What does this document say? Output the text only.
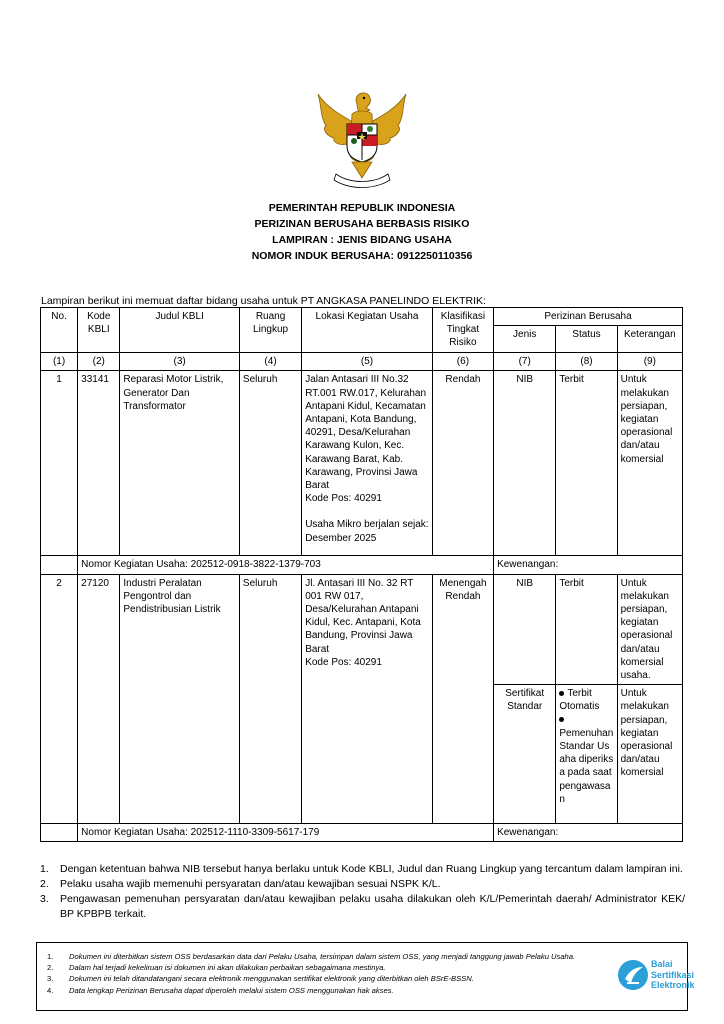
PEMERINTAH REPUBLIK INDONESIA
PERIZINAN BERUSAHA BERBASIS RISIKO
LAMPIRAN : JENIS BIDANG USAHA
NOMOR INDUK BERUSAHA: 0912250110356
Lampiran berikut ini memuat daftar bidang usaha untuk PT ANGKASA PANELINDO ELEKTRIK:
No.	Kode KBLI	Judul KBLI	Ruang Lingkup	Lokasi Kegiatan Usaha	Klasifikasi Tingkat Risiko	Perizinan Berusaha		
						Jenis	Status	Keterangan
(1)	(2)	(3)	(4)	(5)	(6)	(7)	(8)	(9)
1	33141	Reparasi Motor Listrik, Generator Dan Transformator	Seluruh	Jalan Antasari III No.32 RT.001 RW.017, Kelurahan Antapani Kidul, Kecamatan Antapani, Kota Bandung, 40291, Desa/Kelurahan Karawang Kulon, Kec. Karawang Barat, Kab. Karawang, Provinsi Jawa Barat
Kode Pos: 40291
Usaha Mikro berjalan sejak: Desember 2025	Rendah	NIB	Terbit	Untuk melakukan persiapan, kegiatan operasional dan/atau komersial
	Nomor Kegiatan Usaha: 202512-0918-3822-1379-703					Kewenangan:		
2	27120	Industri Peralatan Pengontrol dan Pendistribusian Listrik	Seluruh	Jl. Antasari III No. 32 RT 001 RW 017, Desa/Kelurahan Antapani Kidul, Kec. Antapani, Kota Bandung, Provinsi Jawa Barat
Kode Pos: 40291	Menengah Rendah	NIB	Terbit	Untuk melakukan persiapan, kegiatan operasional dan/atau komersial usaha.
						Sertifikat Standar	Terbit Otomatis

Pemenuhan Standar Usaha diperiksa pada saat pengawasan	Untuk melakukan persiapan, kegiatan operasional dan/atau komersial
	Nomor Kegiatan Usaha: 202512-1110-3309-5617-179					Kewenangan:		
1. Dengan ketentuan bahwa NIB tersebut hanya berlaku untuk Kode KBLI, Judul dan Ruang Lingkup yang tercantum dalam lampiran ini.
2. Pelaku usaha wajib memenuhi persyaratan dan/atau kewajiban sesuai NSPK K/L.
3. Pengawasan pemenuhan persyaratan dan/atau kewajiban pelaku usaha dilakukan oleh K/L/Pemerintah daerah/ Administrator KEK/ BP KPBPB terkait.
1. Dokumen ini diterbitkan sistem OSS berdasarkan data dari Pelaku Usaha, tersimpan dalam sistem OSS, yang menjadi tanggung jawab Pelaku Usaha.
2. Dalam hal terjadi kekeliruan isi dokumen ini akan dilakukan perbaikan sebagaimana mestinya.
3. Dokumen ini telah ditandatangani secara elektronik menggunakan sertifikat elektronik yang diterbitkan oleh BSrE-BSSN.
4. Data lengkap Perizinan Berusaha dapat diperoleh melalui sistem OSS menggunakan hak akses.
Balai
Sertifikasi
Elektronik
